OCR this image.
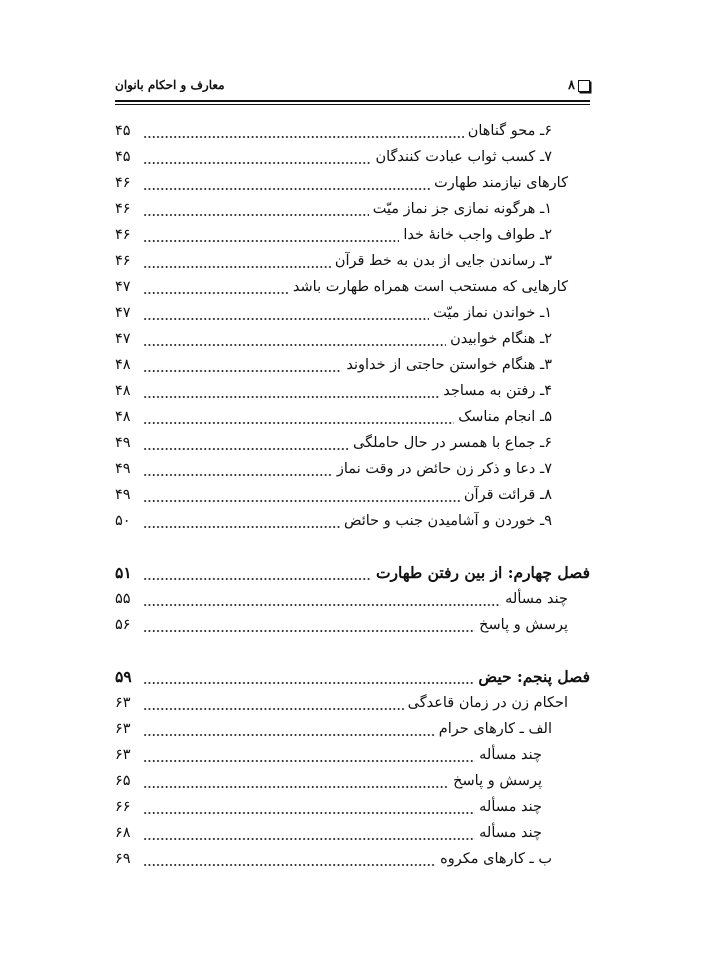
۸
معارف و احکام بانوان
۶ـ محو گناهان
۴۵
۷ـ کسب ثواب عبادت کنندگان
۴۵
کارهای نیازمند طهارت
۴۶
۱ـ هرگونه نمازی جز نماز میّت
۴۶
۲ـ طواف واجب خانهٔ خدا
۴۶
۳ـ رساندن جایی از بدن به خط قرآن
۴۶
کارهایی که مستحب است همراه طهارت باشد
۴۷
۱ـ خواندن نماز میّت
۴۷
۲ـ هنگام خوابیدن
۴۷
۳ـ هنگام خواستن حاجتی از خداوند
۴۸
۴ـ رفتن به مساجد
۴۸
۵ـ انجام مناسک
۴۸
۶ـ جماع با همسر در حال حاملگی
۴۹
۷ـ دعا و ذکر زن حائض در وقت نماز
۴۹
۸ـ قرائت قرآن
۴۹
۹ـ خوردن و آشامیدن جنب و حائض
۵۰
فصل چهارم: از بین رفتن طهارت
۵۱
چند مسأله
۵۵
پرسش و پاسخ
۵۶
فصل پنجم: حیض
۵۹
احکام زن در زمان قاعدگی
۶۳
الف ـ کارهای حرام
۶۳
چند مسأله
۶۳
پرسش و پاسخ
۶۵
چند مسأله
۶۶
چند مسأله
۶۸
ب ـ کارهای مکروه
۶۹
